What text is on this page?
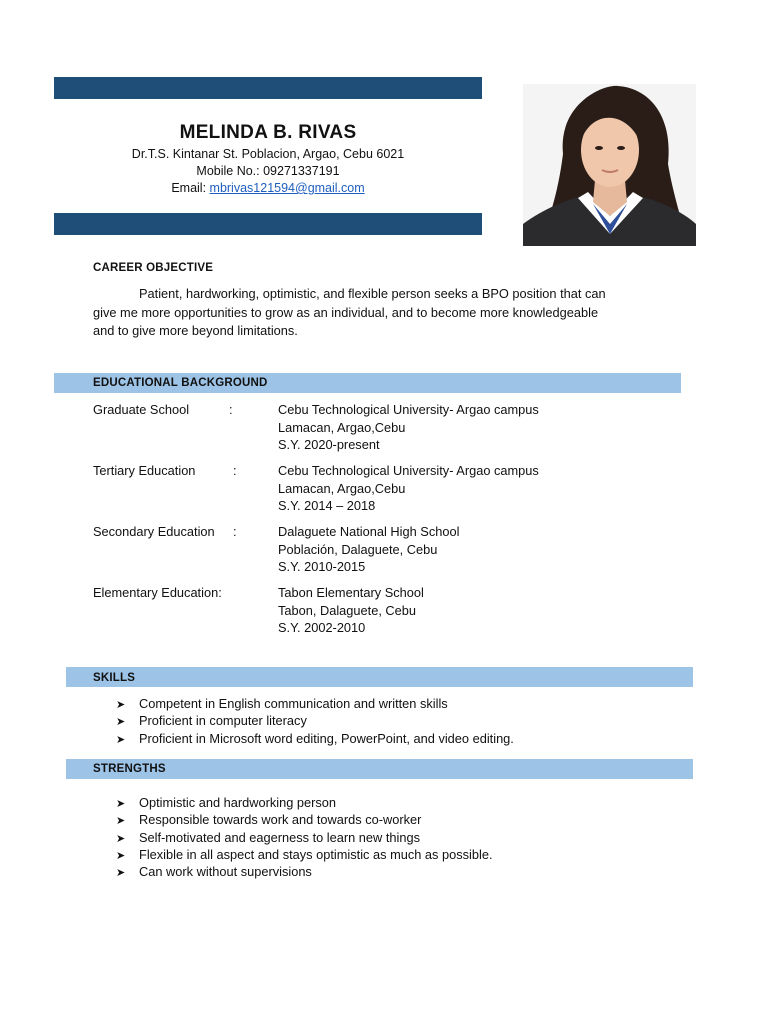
MELINDA B. RIVAS
Dr.T.S. Kintanar St. Poblacion, Argao, Cebu 6021
Mobile No.: 09271337191
Email: mbrivas121594@gmail.com
CAREER OBJECTIVE
Patient, hardworking, optimistic, and flexible person seeks a BPO position that can
give me more opportunities to grow as an individual, and to become more knowledgeable
and to give more beyond limitations.
EDUCATIONAL BACKGROUND
Graduate School	:	Cebu Technological University- Argao campus
Lamacan, Argao,Cebu
S.Y. 2020-present
Tertiary Education	:	Cebu Technological University- Argao campus
Lamacan, Argao,Cebu
S.Y. 2014 – 2018
Secondary Education :	Dalaguete National High School
Población, Dalaguete, Cebu
S.Y. 2010-2015
Elementary Education:	Tabon Elementary School
Tabon, Dalaguete, Cebu
S.Y. 2002-2010
SKILLS
➤	Competent in English communication and written skills
➤	Proficient in computer literacy
➤	Proficient in Microsoft word editing, PowerPoint, and video editing.
STRENGTHS
➤	Optimistic and hardworking person
➤	Responsible towards work and towards co-worker
➤	Self-motivated and eagerness to learn new things
➤	Flexible in all aspect and stays optimistic as much as possible.
➤	Can work without supervisions
